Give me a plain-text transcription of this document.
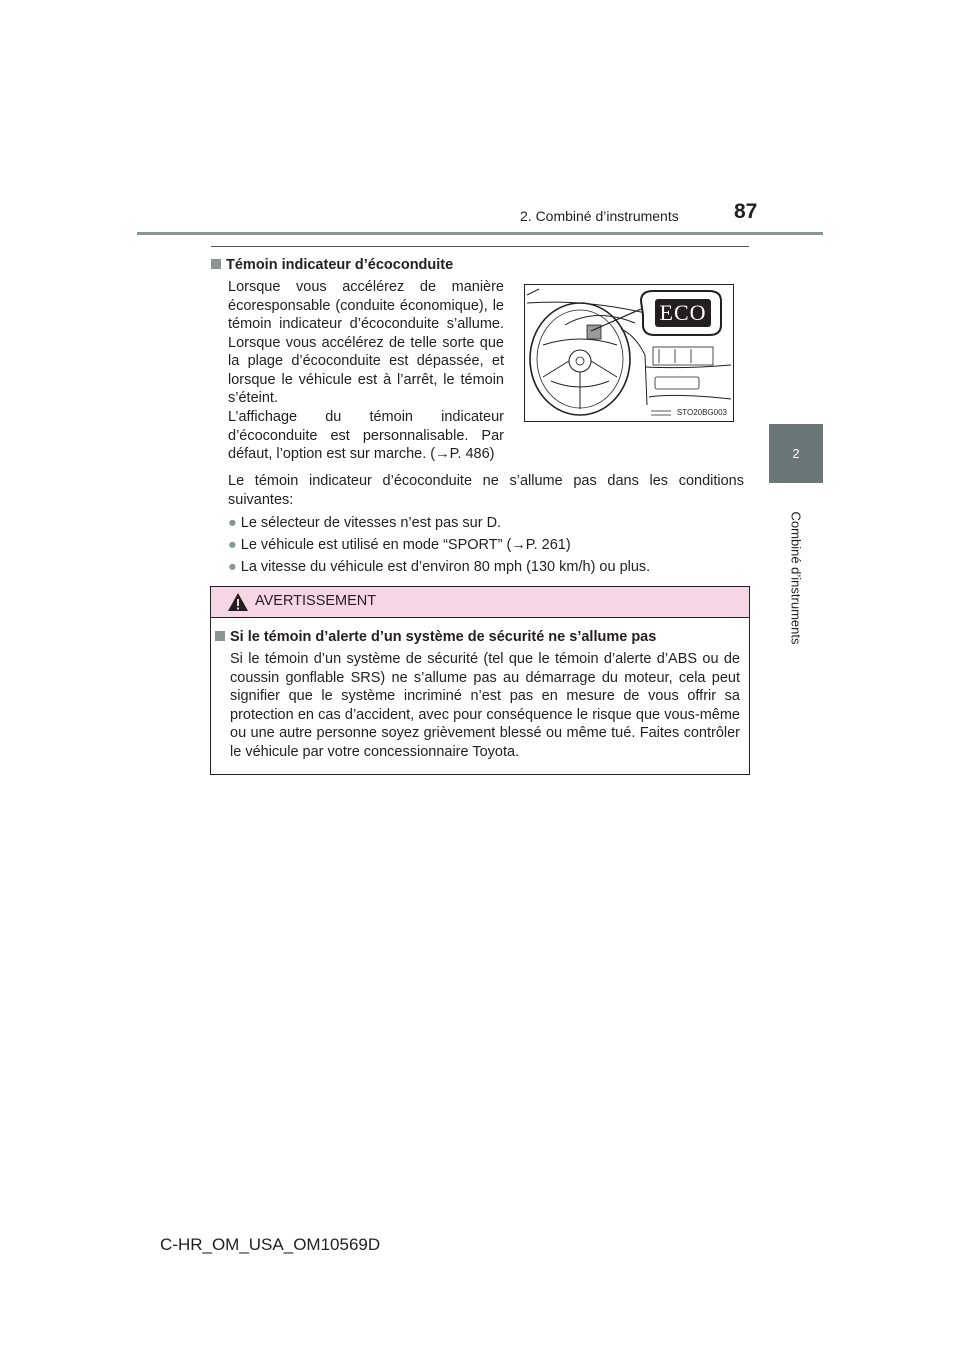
2. Combiné d’instruments	87
2
Combiné d’instruments
Témoin indicateur d’écoconduite
Lorsque vous accélérez de manière écoresponsable (conduite économique), le témoin indicateur d’écoconduite s’allume. Lorsque vous accélérez de telle sorte que la plage d’écoconduite est dépassée, et lorsque le véhicule est à l’arrêt, le témoin s’éteint.
L’affichage du témoin indicateur d’écoconduite est personnalisable. Par défaut, l’option est sur marche. (→P. 486)
Le témoin indicateur d’écoconduite ne s’allume pas dans les conditions suivantes:
● Le sélecteur de vitesses n’est pas sur D.
● Le véhicule est utilisé en mode “SPORT” (→P. 261)
● La vitesse du véhicule est d’environ 80 mph (130 km/h) ou plus.
ECO
STO20BG003
AVERTISSEMENT
Si le témoin d’alerte d’un système de sécurité ne s’allume pas
Si le témoin d’un système de sécurité (tel que le témoin d’alerte d’ABS ou de coussin gonflable SRS) ne s’allume pas au démarrage du moteur, cela peut signifier que le système incriminé n’est pas en mesure de vous offrir sa protection en cas d’accident, avec pour conséquence le risque que vous-même ou une autre personne soyez grièvement blessé ou même tué. Faites contrôler le véhicule par votre concessionnaire Toyota.
C-HR_OM_USA_OM10569D
